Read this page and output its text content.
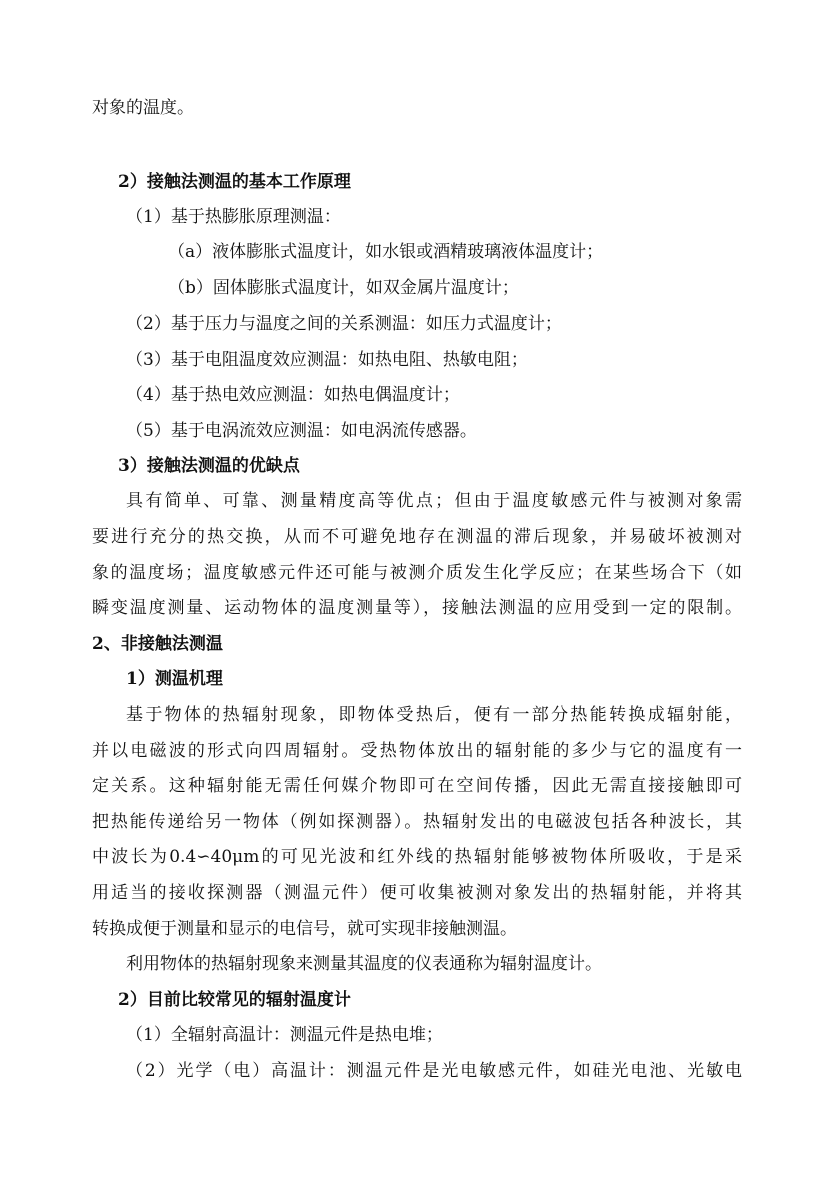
对象的温度。
2）接触法测温的基本工作原理
（1）基于热膨胀原理测温：
（a）液体膨胀式温度计，如水银或酒精玻璃液体温度计；
（b）固体膨胀式温度计，如双金属片温度计；
（2）基于压力与温度之间的关系测温：如压力式温度计；
（3）基于电阻温度效应测温：如热电阻、热敏电阻；
（4）基于热电效应测温：如热电偶温度计；
（5）基于电涡流效应测温：如电涡流传感器。
3）接触法测温的优缺点
具有简单、可靠、测量精度高等优点；但由于温度敏感元件与被测对象需
要进行充分的热交换，从而不可避免地存在测温的滞后现象，并易破坏被测对
象的温度场；温度敏感元件还可能与被测介质发生化学反应；在某些场合下（如
瞬变温度测量、运动物体的温度测量等），接触法测温的应用受到一定的限制。
2、非接触法测温
1）测温机理
基于物体的热辐射现象，即物体受热后，便有一部分热能转换成辐射能，
并以电磁波的形式向四周辐射。受热物体放出的辐射能的多少与它的温度有一
定关系。这种辐射能无需任何媒介物即可在空间传播，因此无需直接接触即可
把热能传递给另一物体（例如探测器）。热辐射发出的电磁波包括各种波长，其
中波长为0.4∽40μm的可见光波和红外线的热辐射能够被物体所吸收，于是采
用适当的接收探测器（测温元件）便可收集被测对象发出的热辐射能，并将其
转换成便于测量和显示的电信号，就可实现非接触测温。
利用物体的热辐射现象来测量其温度的仪表通称为辐射温度计。
2）目前比较常见的辐射温度计
（1）全辐射高温计：测温元件是热电堆；
（2）光学（电）高温计：测温元件是光电敏感元件，如硅光电池、光敏电
